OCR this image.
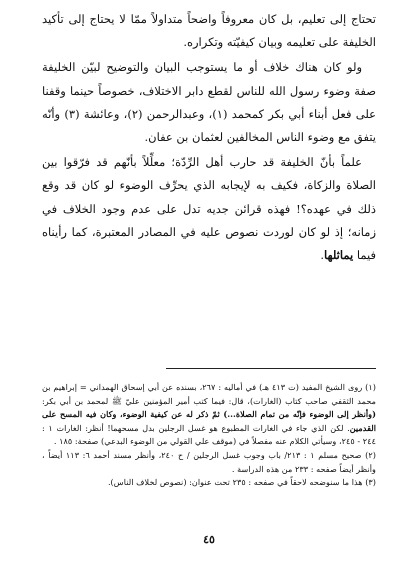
تحتاج إلى تعليم، بل كان معروفاً واضحاً متداولاً ممّا لا يحتاج إلى تأكيد الخليفة على تعليمه وبيان كيفيّته وتكراره.

ولو كان هناك خلاف أو ما يستوجب البيان والتوضيح لبيّن الخليفة صفة وضوء رسول الله للناس لقطع دابر الاختلاف، خصوصاً حينما وقفنا على فعل أبناء أبي بكر كمحمد (١)، وعبدالرحمن (٢)، وعائشة (٣) وأنّه يتفق مع وضوء الناس المخالفين لعثمان بن عفان.

علماً بأنّ الخليفة قد حارب أهل الرِّدّة؛ معلِّلاً بأنّهم قد فرّقوا بين الصلاة والزكاة، فكيف به لإيجابه الذي يحرِّف الوضوء لو كان قد وقع ذلك في عهده؟! فهذه قرائن جديه تدل على عدم وجود الخلاف في زمانه؛ إذ لو كان لوردت نصوص عليه في المصادر المعتبرة، كما رأيناه فيما يماثلها.

(١) روى الشيخ المفيد (ت ٤١٣ هـ) في أماليه : ٢٦٧، بسنده عن أبي إسحاق الهمداني = إبراهيم بن محمد الثقفي صاحب كتاب (الغارات)، قال: فيما كتب أمير المؤمنين عليّ ﷺ لمحمد بن أبي بكر: (وأنظر إلى الوضوء فإنّه من تمام الصلاة...) ثمّ ذكر له عن كيفية الوضوء، وكان فيه المسح على القدمين. لكن الذي جاء في الغارات المطبوع هو غسل الرجلين بدل مسحهما! أنظر: الغارات ١ : ٢٤٤ - ٢٤٥، وسيأتي الكلام عنه مفصلاً في (موقف علي القولي من الوضوء البدعي) صفحة: ١٨٥ .

(٢) صحيح مسلم ١ : ٢١٣/ باب وجوب غسل الرجلين / ح ٢٤٠، وأنظر مسند أحمد ٦: ١١٣ أيضاً ، وأنظر أيضاً صفحه : ٢٣٣ من هذه الدراسة .

(٣) هذا ما سنوضحه لاحقاً في صفحه : ٢٣٥ تحت عنوان: (نصوص لخلاف الناس).

٤٥
